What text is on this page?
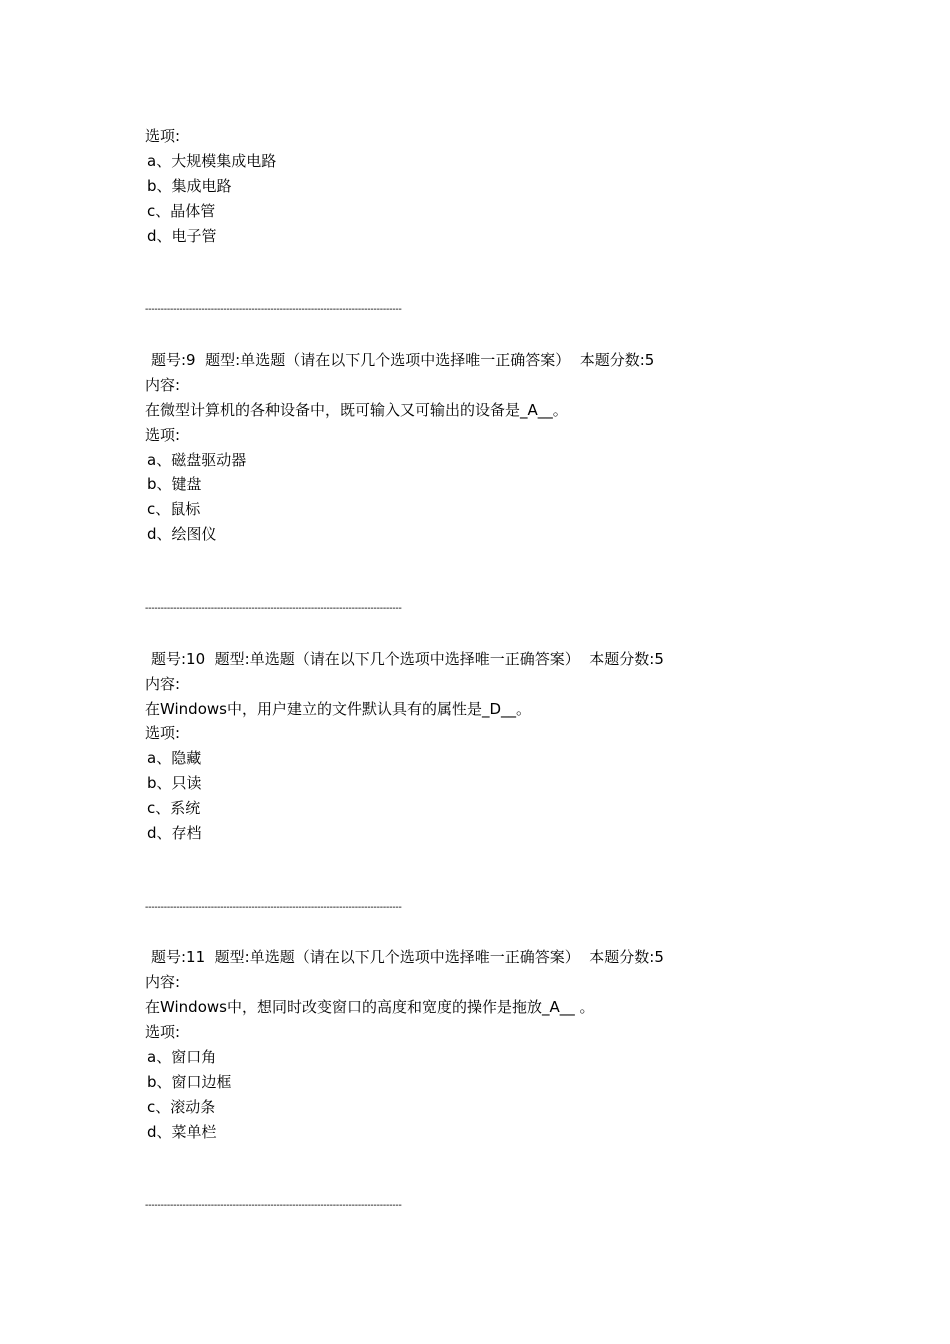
选项:
a、大规模集成电路
b、集成电路
c、晶体管
d、电子管
----------------------------------------------------------------------------------
题号:9  题型:单选题（请在以下几个选项中选择唯一正确答案）  本题分数:5
内容:
在微型计算机的各种设备中，既可输入又可输出的设备是_A__。
选项:
a、磁盘驱动器
b、键盘
c、鼠标
d、绘图仪
----------------------------------------------------------------------------------
题号:10  题型:单选题（请在以下几个选项中选择唯一正确答案）  本题分数:5
内容:
在Windows中，用户建立的文件默认具有的属性是_D__。
选项:
a、隐藏
b、只读
c、系统
d、存档
----------------------------------------------------------------------------------
题号:11  题型:单选题（请在以下几个选项中选择唯一正确答案）  本题分数:5
内容:
在Windows中，想同时改变窗口的高度和宽度的操作是拖放_A__ 。
选项:
a、窗口角
b、窗口边框
c、滚动条
d、菜单栏
----------------------------------------------------------------------------------
